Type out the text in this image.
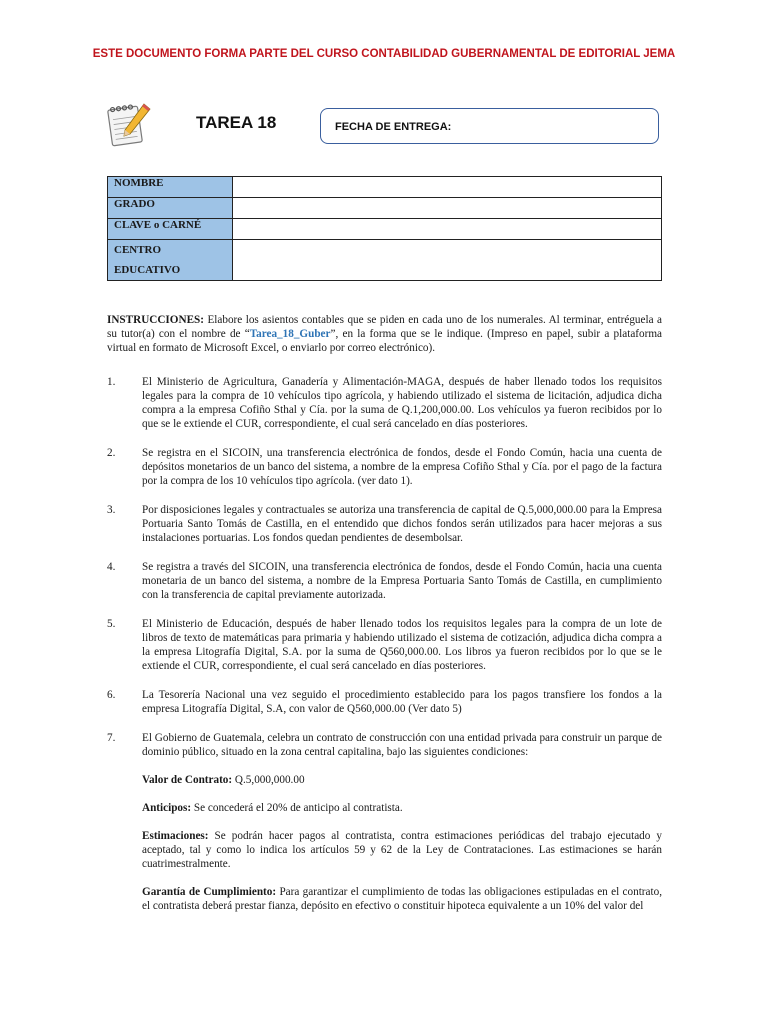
ESTE DOCUMENTO FORMA PARTE DEL CURSO CONTABILIDAD GUBERNAMENTAL DE EDITORIAL JEMA
TAREA 18	FECHA DE ENTREGA:
NOMBRE	
GRADO	
CLAVE o CARNÉ	
CENTRO
EDUCATIVO	

INSTRUCCIONES: Elabore los asientos contables que se piden en cada uno de los numerales. Al terminar, entréguela a su tutor(a) con el nombre de “Tarea_18_Guber”, en la forma que se le indique. (Impreso en papel, subir a plataforma virtual en formato de Microsoft Excel, o enviarlo por correo electrónico).

1. El Ministerio de Agricultura, Ganadería y Alimentación-MAGA, después de haber llenado todos los requisitos legales para la compra de 10 vehículos tipo agrícola, y habiendo utilizado el sistema de licitación, adjudica dicha compra a la empresa Cofiño Sthal y Cía. por la suma de Q.1,200,000.00. Los vehículos ya fueron recibidos por lo que se le extiende el CUR, correspondiente, el cual será cancelado en días posteriores.
2. Se registra en el SICOIN, una transferencia electrónica de fondos, desde el Fondo Común, hacia una cuenta de depósitos monetarios de un banco del sistema, a nombre de la empresa Cofiño Sthal y Cía. por el pago de la factura por la compra de los 10 vehículos tipo agrícola. (ver dato 1).
3. Por disposiciones legales y contractuales se autoriza una transferencia de capital de Q.5,000,000.00 para la Empresa Portuaria Santo Tomás de Castilla, en el entendido que dichos fondos serán utilizados para hacer mejoras a sus instalaciones portuarias. Los fondos quedan pendientes de desembolsar.
4. Se registra a través del SICOIN, una transferencia electrónica de fondos, desde el Fondo Común, hacia una cuenta monetaria de un banco del sistema, a nombre de la Empresa Portuaria Santo Tomás de Castilla, en cumplimiento con la transferencia de capital previamente autorizada.
5. El Ministerio de Educación, después de haber llenado todos los requisitos legales para la compra de un lote de libros de texto de matemáticas para primaria y habiendo utilizado el sistema de cotización, adjudica dicha compra a la empresa Litografía Digital, S.A. por la suma de Q560,000.00. Los libros ya fueron recibidos por lo que se le extiende el CUR, correspondiente, el cual será cancelado en días posteriores.
6. La Tesorería Nacional una vez seguido el procedimiento establecido para los pagos transfiere los fondos a la empresa Litografía Digital, S.A, con valor de Q560,000.00 (Ver dato 5)
7. El Gobierno de Guatemala, celebra un contrato de construcción con una entidad privada para construir un parque de dominio público, situado en la zona central capitalina, bajo las siguientes condiciones:
Valor de Contrato: Q.5,000,000.00
Anticipos: Se concederá el 20% de anticipo al contratista.
Estimaciones: Se podrán hacer pagos al contratista, contra estimaciones periódicas del trabajo ejecutado y aceptado, tal y como lo indica los artículos 59 y 62 de la Ley de Contrataciones. Las estimaciones se harán cuatrimestralmente.
Garantía de Cumplimiento: Para garantizar el cumplimiento de todas las obligaciones estipuladas en el contrato, el contratista deberá prestar fianza, depósito en efectivo o constituir hipoteca equivalente a un 10% del valor del
